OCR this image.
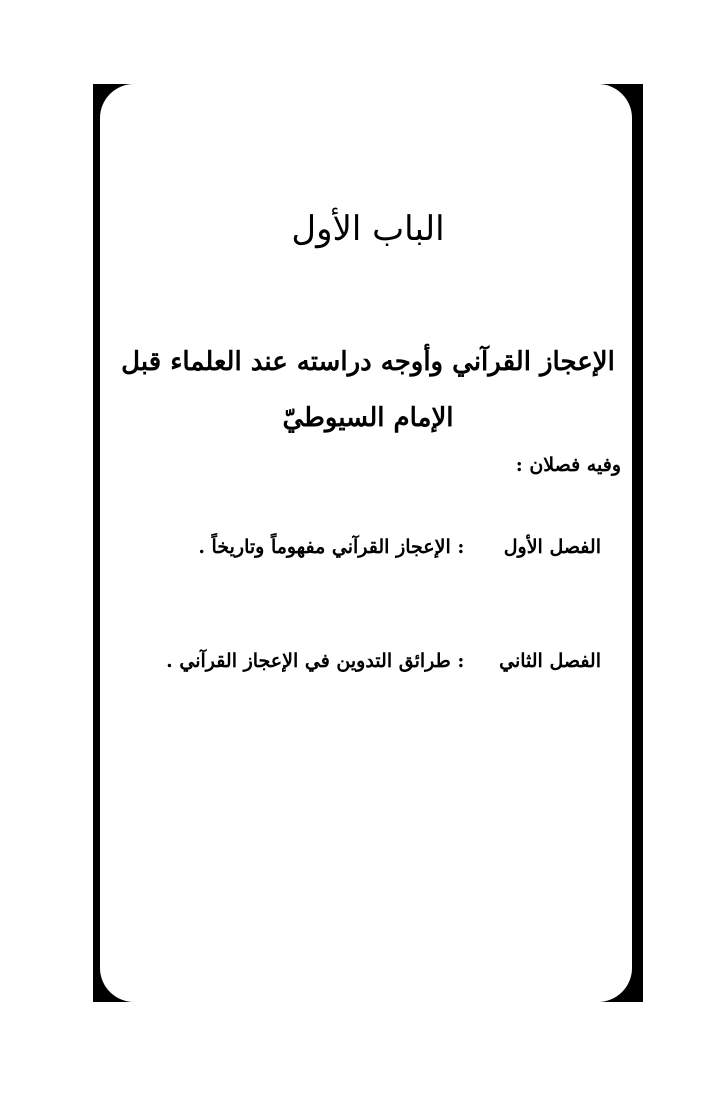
الباب الأول
الإعجاز القرآني وأوجه دراسته عند العلماء قبل
الإمام السيوطيّ
وفيه فصلان :
الفصل الأول : الإعجاز القرآني مفهوماً وتاريخاً .
الفصل الثاني : طرائق التدوين في الإعجاز القرآني .
